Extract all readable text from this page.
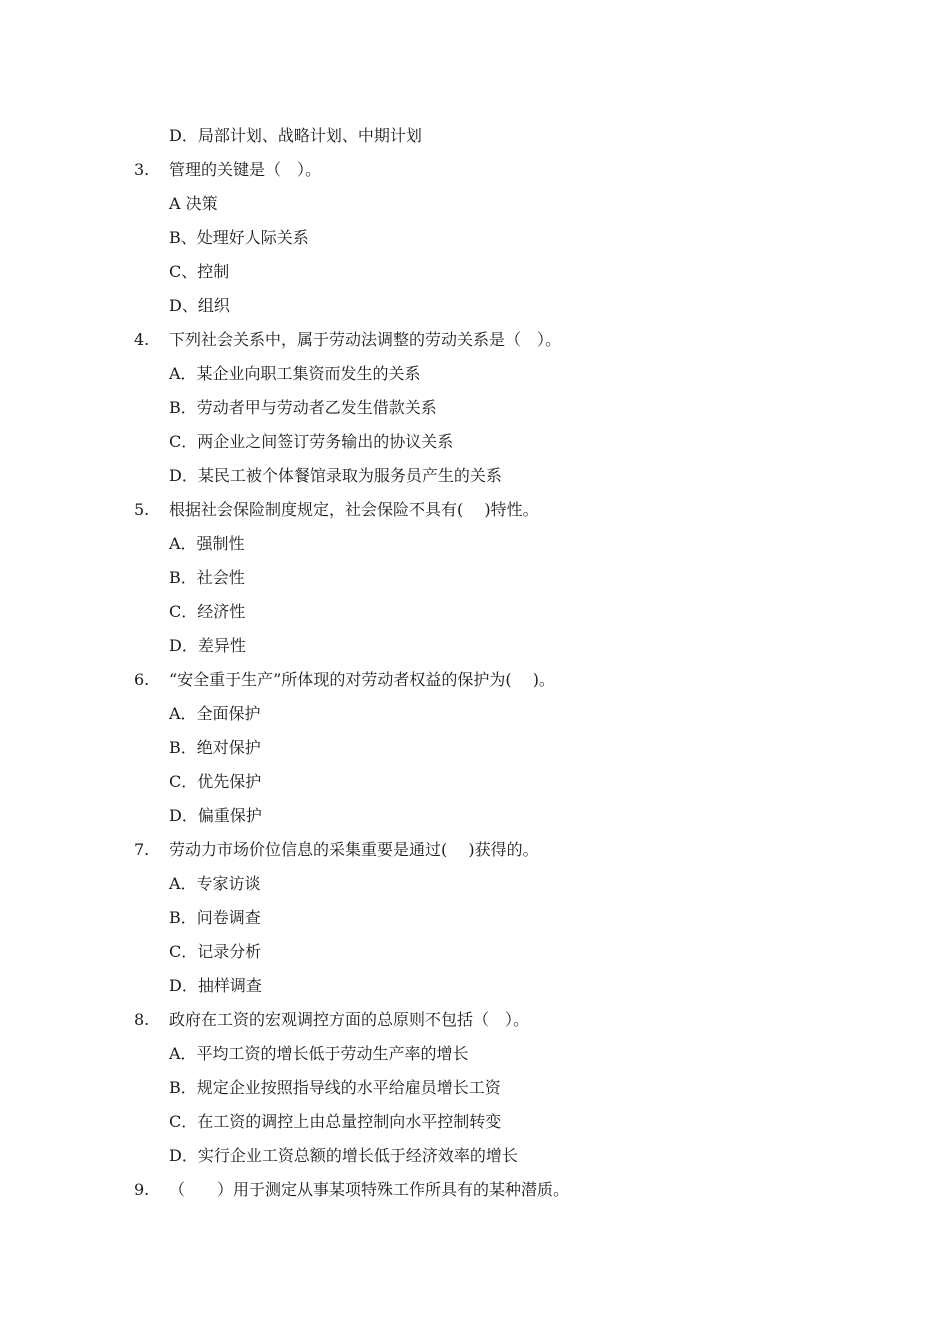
D．局部计划、战略计划、中期计划
3.	管理的关键是（　）。
A 决策
B、处理好人际关系
C、控制
D、组织
4.	下列社会关系中，属于劳动法调整的劳动关系是（　）。
A．某企业向职工集资而发生的关系
B．劳动者甲与劳动者乙发生借款关系
C．两企业之间签订劳务输出的协议关系
D．某民工被个体餐馆录取为服务员产生的关系
5.	根据社会保险制度规定，社会保险不具有(　 )特性。
A．强制性
B．社会性
C．经济性
D．差异性
6.	“安全重于生产”所体现的对劳动者权益的保护为(　 )。
A．全面保护
B．绝对保护
C．优先保护
D．偏重保护
7.	劳动力市场价位信息的采集重要是通过(　 )获得的。
A．专家访谈
B．问卷调查
C．记录分析
D．抽样调查
8.	政府在工资的宏观调控方面的总原则不包括（　）。
A．平均工资的增长低于劳动生产率的增长
B．规定企业按照指导线的水平给雇员增长工资
C．在工资的调控上由总量控制向水平控制转变
D．实行企业工资总额的增长低于经济效率的增长
9.	（　　）用于测定从事某项特殊工作所具有的某种潜质。
